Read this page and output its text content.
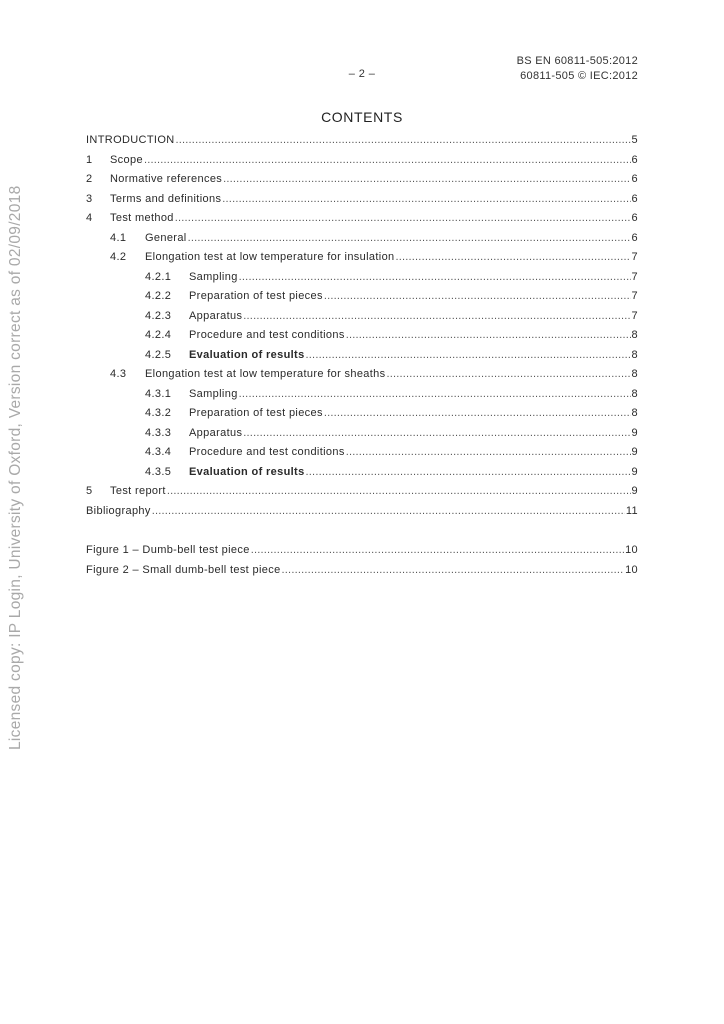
– 2 –
BS EN 60811-505:2012
60811-505 © IEC:2012
CONTENTS
INTRODUCTION .....	5
1	Scope .....	6
2	Normative references .....	6
3	Terms and definitions .....	6
4	Test method .....	6
4.1	General .....	6
4.2	Elongation test at low temperature for insulation .....	7
4.2.1	Sampling .....	7
4.2.2	Preparation of test pieces .....	7
4.2.3	Apparatus .....	7
4.2.4	Procedure and test conditions .....	8
4.2.5	Evaluation of results .....	8
4.3	Elongation test at low temperature for sheaths .....	8
4.3.1	Sampling .....	8
4.3.2	Preparation of test pieces .....	8
4.3.3	Apparatus .....	9
4.3.4	Procedure and test conditions .....	9
4.3.5	Evaluation of results .....	9
5	Test report .....	9
Bibliography .....	11
Figure 1 – Dumb-bell test piece .....	10
Figure 2 – Small dumb-bell test piece .....	10
Licensed copy: IP Login, University of Oxford, Version correct as of 02/09/2018
